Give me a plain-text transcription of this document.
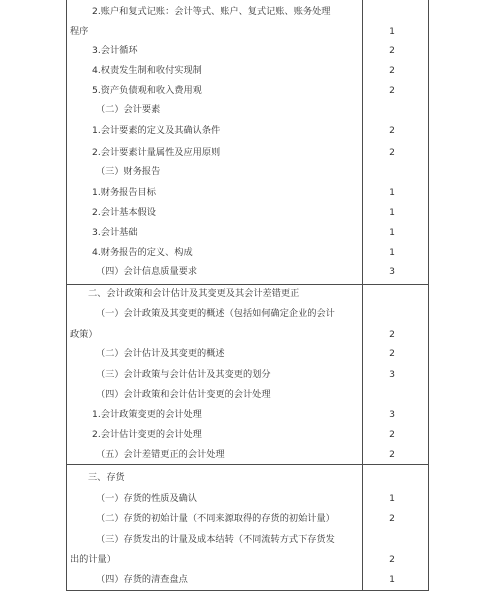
2.账户和复式记账：会计等式、账户、复式记账、账务处理
程序	1
3.会计循环	2
4.权责发生制和收付实现制	2
5.资产负债观和收入费用观	2
（二）会计要素
1.会计要素的定义及其确认条件	2
2.会计要素计量属性及应用原则	2
（三）财务报告
1.财务报告目标	1
2.会计基本假设	1
3.会计基础	1
4.财务报告的定义、构成	1
（四）会计信息质量要求	3
二、会计政策和会计估计及其变更及其会计差错更正
（一）会计政策及其变更的概述（包括如何确定企业的会计
政策）	2
（二）会计估计及其变更的概述	2
（三）会计政策与会计估计及其变更的划分	3
（四）会计政策和会计估计变更的会计处理
1.会计政策变更的会计处理	3
2.会计估计变更的会计处理	2
（五）会计差错更正的会计处理	2
三、存货
（一）存货的性质及确认	1
（二）存货的初始计量（不同来源取得的存货的初始计量）	2
（三）存货发出的计量及成本结转（不同流转方式下存货发
出的计量）	2
（四）存货的清查盘点	1
